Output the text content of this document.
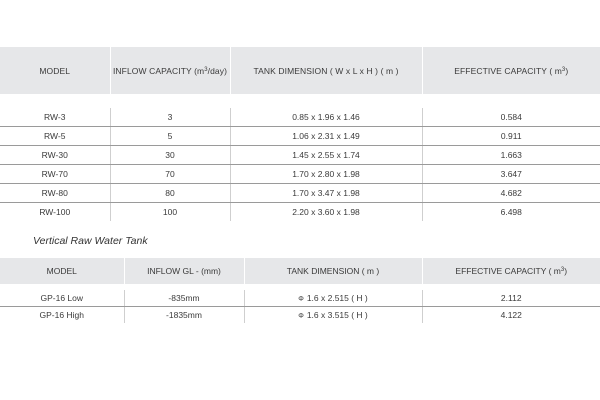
MODEL	INFLOW CAPACITY $(m^3/day)$	TANK DIMENSION ( W x L x H ) ( m )	EFFECTIVE CAPACITY ( $m^3$)

RW-3	3	0.85 x 1.96 x 1.46	0.584
RW-5	5	1.06 x 2.31 x 1.49	0.911
RW-30	30	1.45 x 2.55 x 1.74	1.663
RW-70	70	1.70 x 2.80 x 1.98	3.647
RW-80	80	1.70 x 3.47 x 1.98	4.682
RW-100	100	2.20 x 3.60 x 1.98	6.498
Vertical Raw Water Tank
MODEL	INFLOW GL - (mm)	TANK DIMENSION ( m )	EFFECTIVE CAPACITY ( $m^3$)

GP-16 Low	-835mm	Φ 1.6 x 2.515 ( H )	2.112
GP-16 High	-1835mm	Φ 1.6 x 3.515 ( H )	4.122
